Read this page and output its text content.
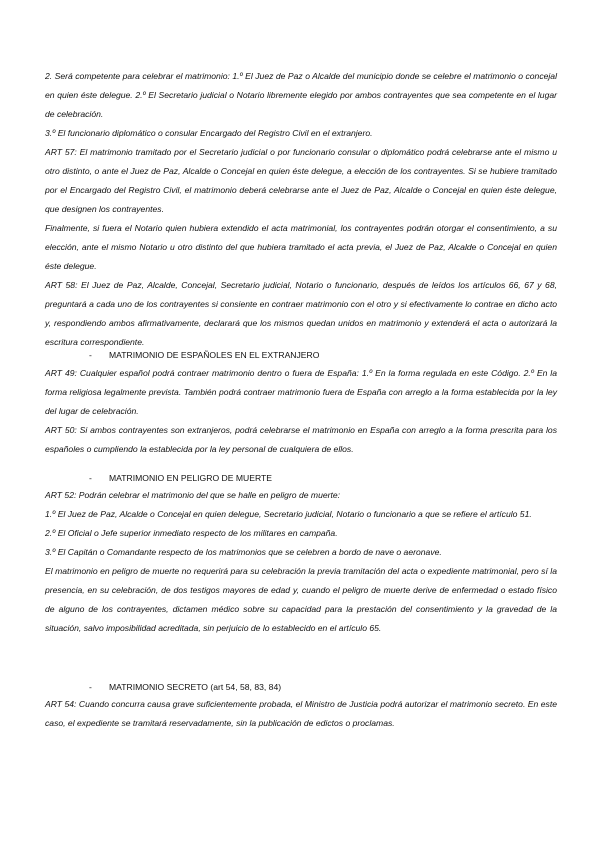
2. Será competente para celebrar el matrimonio: 1.º El Juez de Paz o Alcalde del municipio donde se celebre el matrimonio o concejal en quien éste delegue. 2.º El Secretario judicial o Notario libremente elegido por ambos contrayentes que sea competente en el lugar de celebración.

3.º El funcionario diplomático o consular Encargado del Registro Civil en el extranjero.

ART 57: El matrimonio tramitado por el Secretario judicial o por funcionario consular o diplomático podrá celebrarse ante el mismo u otro distinto, o ante el Juez de Paz, Alcalde o Concejal en quien éste delegue, a elección de los contrayentes. Si se hubiere tramitado por el Encargado del Registro Civil, el matrimonio deberá celebrarse ante el Juez de Paz, Alcalde o Concejal en quien éste delegue, que designen los contrayentes.

Finalmente, si fuera el Notario quien hubiera extendido el acta matrimonial, los contrayentes podrán otorgar el consentimiento, a su elección, ante el mismo Notario u otro distinto del que hubiera tramitado el acta previa, el Juez de Paz, Alcalde o Concejal en quien éste delegue.

ART 58: El Juez de Paz, Alcalde, Concejal, Secretario judicial, Notario o funcionario, después de leídos los artículos 66, 67 y 68, preguntará a cada uno de los contrayentes si consiente en contraer matrimonio con el otro y si efectivamente lo contrae en dicho acto y, respondiendo ambos afirmativamente, declarará que los mismos quedan unidos en matrimonio y extenderá el acta o autorizará la escritura correspondiente.

- MATRIMONIO DE ESPAÑOLES EN EL EXTRANJERO

ART 49: Cualquier español podrá contraer matrimonio dentro o fuera de España: 1.º En la forma regulada en este Código. 2.º En la forma religiosa legalmente prevista. También podrá contraer matrimonio fuera de España con arreglo a la forma establecida por la ley del lugar de celebración.

ART 50: Si ambos contrayentes son extranjeros, podrá celebrarse el matrimonio en España con arreglo a la forma prescrita para los españoles o cumpliendo la establecida por la ley personal de cualquiera de ellos.

- MATRIMONIO EN PELIGRO DE MUERTE

ART 52: Podrán celebrar el matrimonio del que se halle en peligro de muerte:

1.º El Juez de Paz, Alcalde o Concejal en quien delegue, Secretario judicial, Notario o funcionario a que se refiere el artículo 51.

2.º El Oficial o Jefe superior inmediato respecto de los militares en campaña.

3.º El Capitán o Comandante respecto de los matrimonios que se celebren a bordo de nave o aeronave.

El matrimonio en peligro de muerte no requerirá para su celebración la previa tramitación del acta o expediente matrimonial, pero sí la presencia, en su celebración, de dos testigos mayores de edad y, cuando el peligro de muerte derive de enfermedad o estado físico de alguno de los contrayentes, dictamen médico sobre su capacidad para la prestación del consentimiento y la gravedad de la situación, salvo imposibilidad acreditada, sin perjuicio de lo establecido en el artículo 65.

- MATRIMONIO SECRETO (art 54, 58, 83, 84)

ART 54: Cuando concurra causa grave suficientemente probada, el Ministro de Justicia podrá autorizar el matrimonio secreto. En este caso, el expediente se tramitará reservadamente, sin la publicación de edictos o proclamas.
